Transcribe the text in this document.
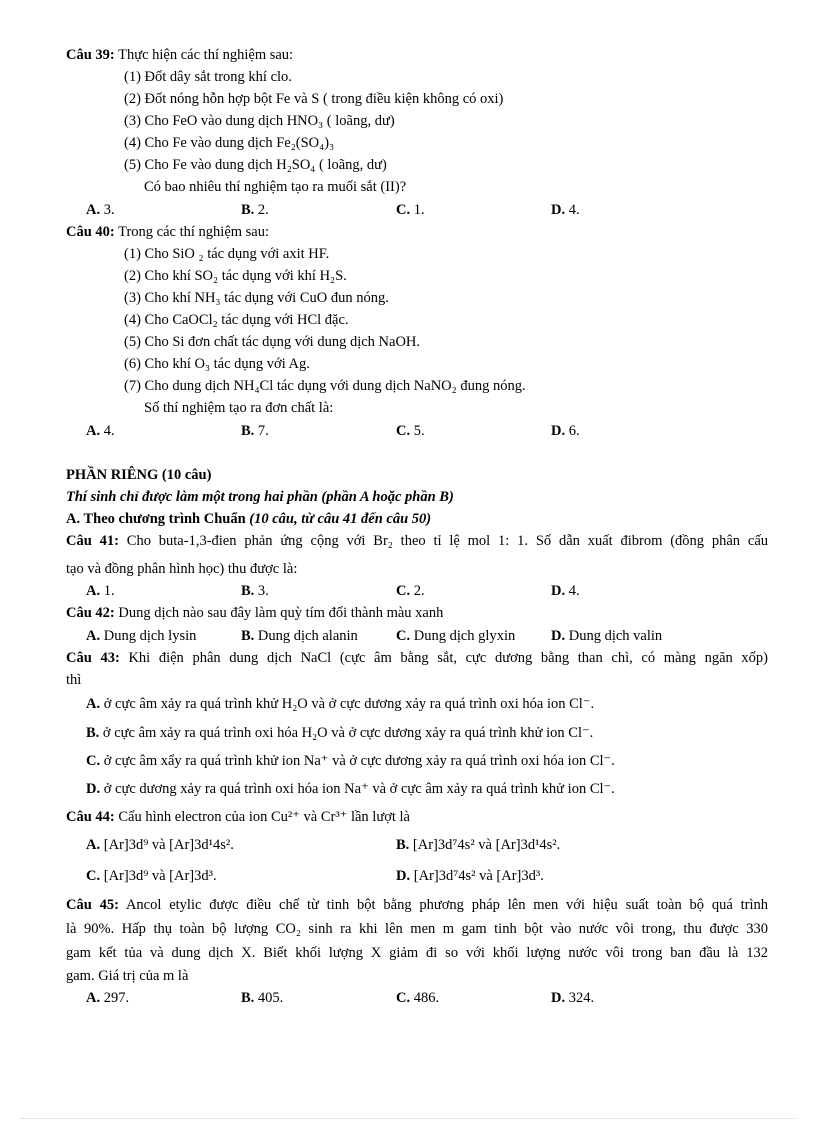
Câu 39: Thực hiện các thí nghiệm sau:
(1) Đốt dây sắt trong khí clo.
(2) Đốt nóng hỗn hợp bột Fe và S ( trong điều kiện không có oxi)
(3) Cho FeO vào dung dịch HNO₃ ( loãng, dư)
(4) Cho Fe vào dung dịch Fe₂(SO₄)₃
(5) Cho Fe vào dung dịch H₂SO₄ ( loãng, dư)
Có bao nhiêu thí nghiệm tạo ra muối sắt (II)?
A. 3.	B. 2.	C. 1.	D. 4.
Câu 40: Trong các thí nghiệm sau:
(1) Cho SiO ₂ tác dụng với axit HF.
(2) Cho khí SO₂ tác dụng với khí H₂S.
(3) Cho khí NH₃ tác dụng với CuO đun nóng.
(4) Cho CaOCl₂ tác dụng với HCl đặc.
(5) Cho Si đơn chất tác dụng với dung dịch NaOH.
(6) Cho khí O₃ tác dụng với Ag.
(7) Cho dung dịch NH₄Cl tác dụng với dung dịch NaNO₂ đung nóng.
Số thí nghiệm tạo ra đơn chất là:
A. 4.	B. 7.	C. 5.	D. 6.
PHẦN RIÊNG (10 câu)
Thí sinh chỉ được làm một trong hai phần (phần A hoặc phần B)
A. Theo chương trình Chuẩn (10 câu, từ câu 41 đến câu 50)
Câu 41: Cho buta-1,3-đien phản ứng cộng với Br₂ theo tỉ lệ mol 1: 1. Số dẫn xuất đibrom (đồng phân cấu
tạo và đồng phân hình học) thu được là:
A. 1.	B. 3.	C. 2.	D. 4.
Câu 42: Dung dịch nào sau đây làm quỳ tím đổi thành màu xanh
A. Dung dịch lysin	B. Dung dịch alanin	C. Dung dịch glyxin D. Dung dịch valin
Câu 43: Khi điện phân dung dịch NaCl (cực âm bằng sắt, cực dương bằng than chì, có màng ngăn xốp)
thì
A. ở cực âm xảy ra quá trình khử H₂O và ở cực dương xảy ra quá trình oxi hóa ion Cl⁻.
B. ở cực âm xảy ra quá trình oxi hóa H₂O và ở cực dương xảy ra quá trình khử ion Cl⁻.
C. ở cực âm xẩy ra quá trình khử ion Na⁺ và ở cực dương xảy ra quá trình oxi hóa ion Cl⁻.
D. ở cực dương xảy ra quá trình oxi hóa ion Na⁺ và ở cực âm xảy ra quá trình khử ion Cl⁻.
Câu 44: Cấu hình electron của ion Cu²⁺ và Cr³⁺ lần lượt là
A. [Ar]3d⁹ và [Ar]3d¹4s².	B. [Ar]3d⁷4s² và [Ar]3d¹4s².
C. [Ar]3d⁹ và [Ar]3d³.	D. [Ar]3d⁷4s² và [Ar]3d³.
Câu 45: Ancol etylic được điều chế từ tinh bột bằng phương pháp lên men với hiệu suất toàn bộ quá trình
là 90%. Hấp thụ toàn bộ lượng CO₂ sinh ra khi lên men m gam tinh bột vào nước vôi trong, thu được 330
gam kết tủa và dung dịch X. Biết khối lượng X giảm đi so với khối lượng nước vôi trong ban đầu là 132
gam. Giá trị của m là
A. 297.	B. 405.	C. 486.	D. 324.
